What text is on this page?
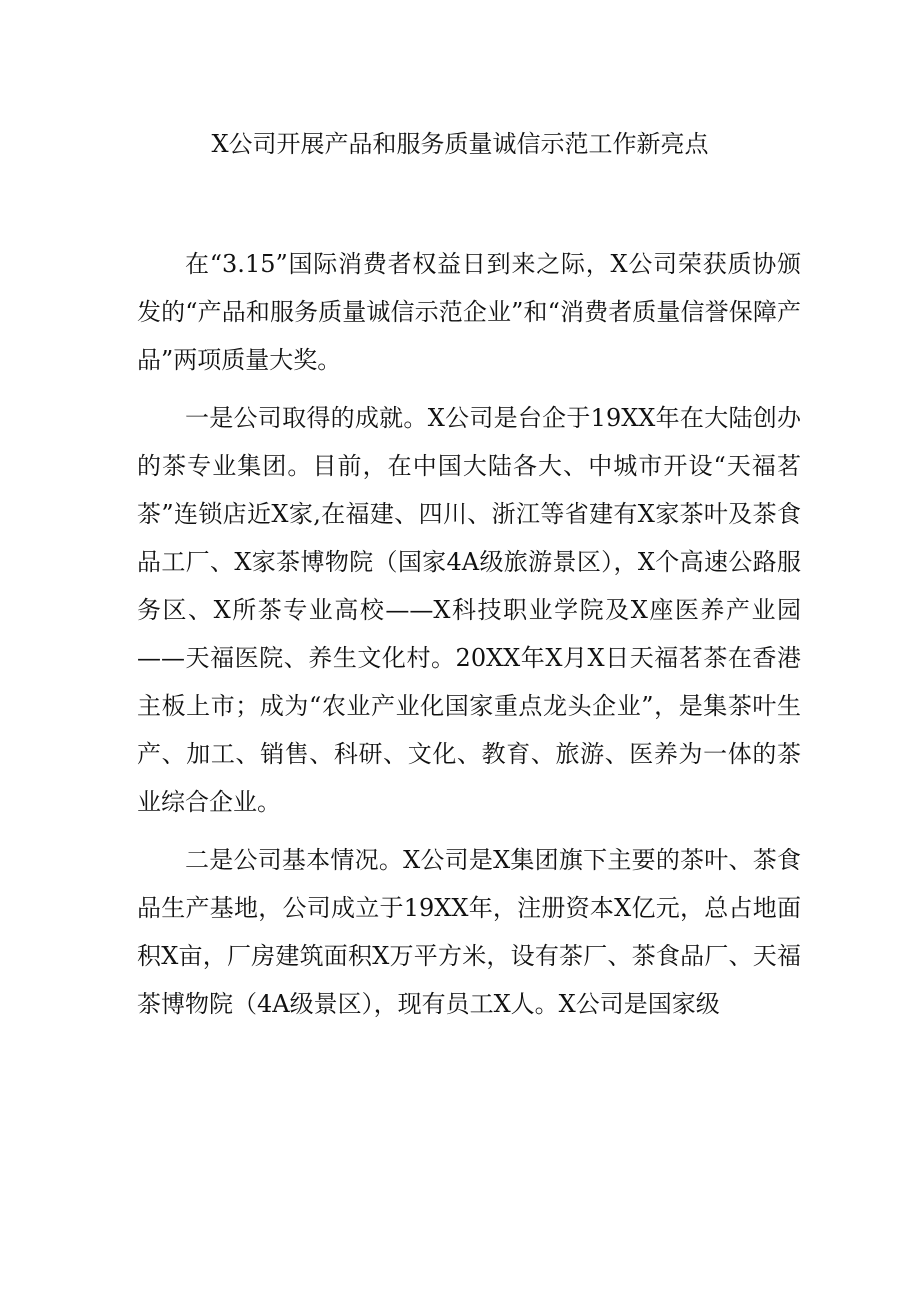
X公司开展产品和服务质量诚信示范工作新亮点

在“3.15”国际消费者权益日到来之际，X公司荣获质协颁发的“产品和服务质量诚信示范企业”和“消费者质量信誉保障产品”两项质量大奖。

一是公司取得的成就。X公司是台企于19XX年在大陆创办的茶专业集团。目前，在中国大陆各大、中城市开设“天福茗茶”连锁店近X家,在福建、四川、浙江等省建有X家茶叶及茶食品工厂、X家茶博物院（国家4A级旅游景区），X个高速公路服务区、X所茶专业高校——X科技职业学院及X座医养产业园——天福医院、养生文化村。20XX年X月X日天福茗茶在香港主板上市；成为“农业产业化国家重点龙头企业”，是集茶叶生产、加工、销售、科研、文化、教育、旅游、医养为一体的茶业综合企业。

二是公司基本情况。X公司是X集团旗下主要的茶叶、茶食品生产基地，公司成立于19XX年，注册资本X亿元，总占地面积X亩，厂房建筑面积X万平方米，设有茶厂、茶食品厂、天福茶博物院（4A级景区），现有员工X人。X公司是国家级
